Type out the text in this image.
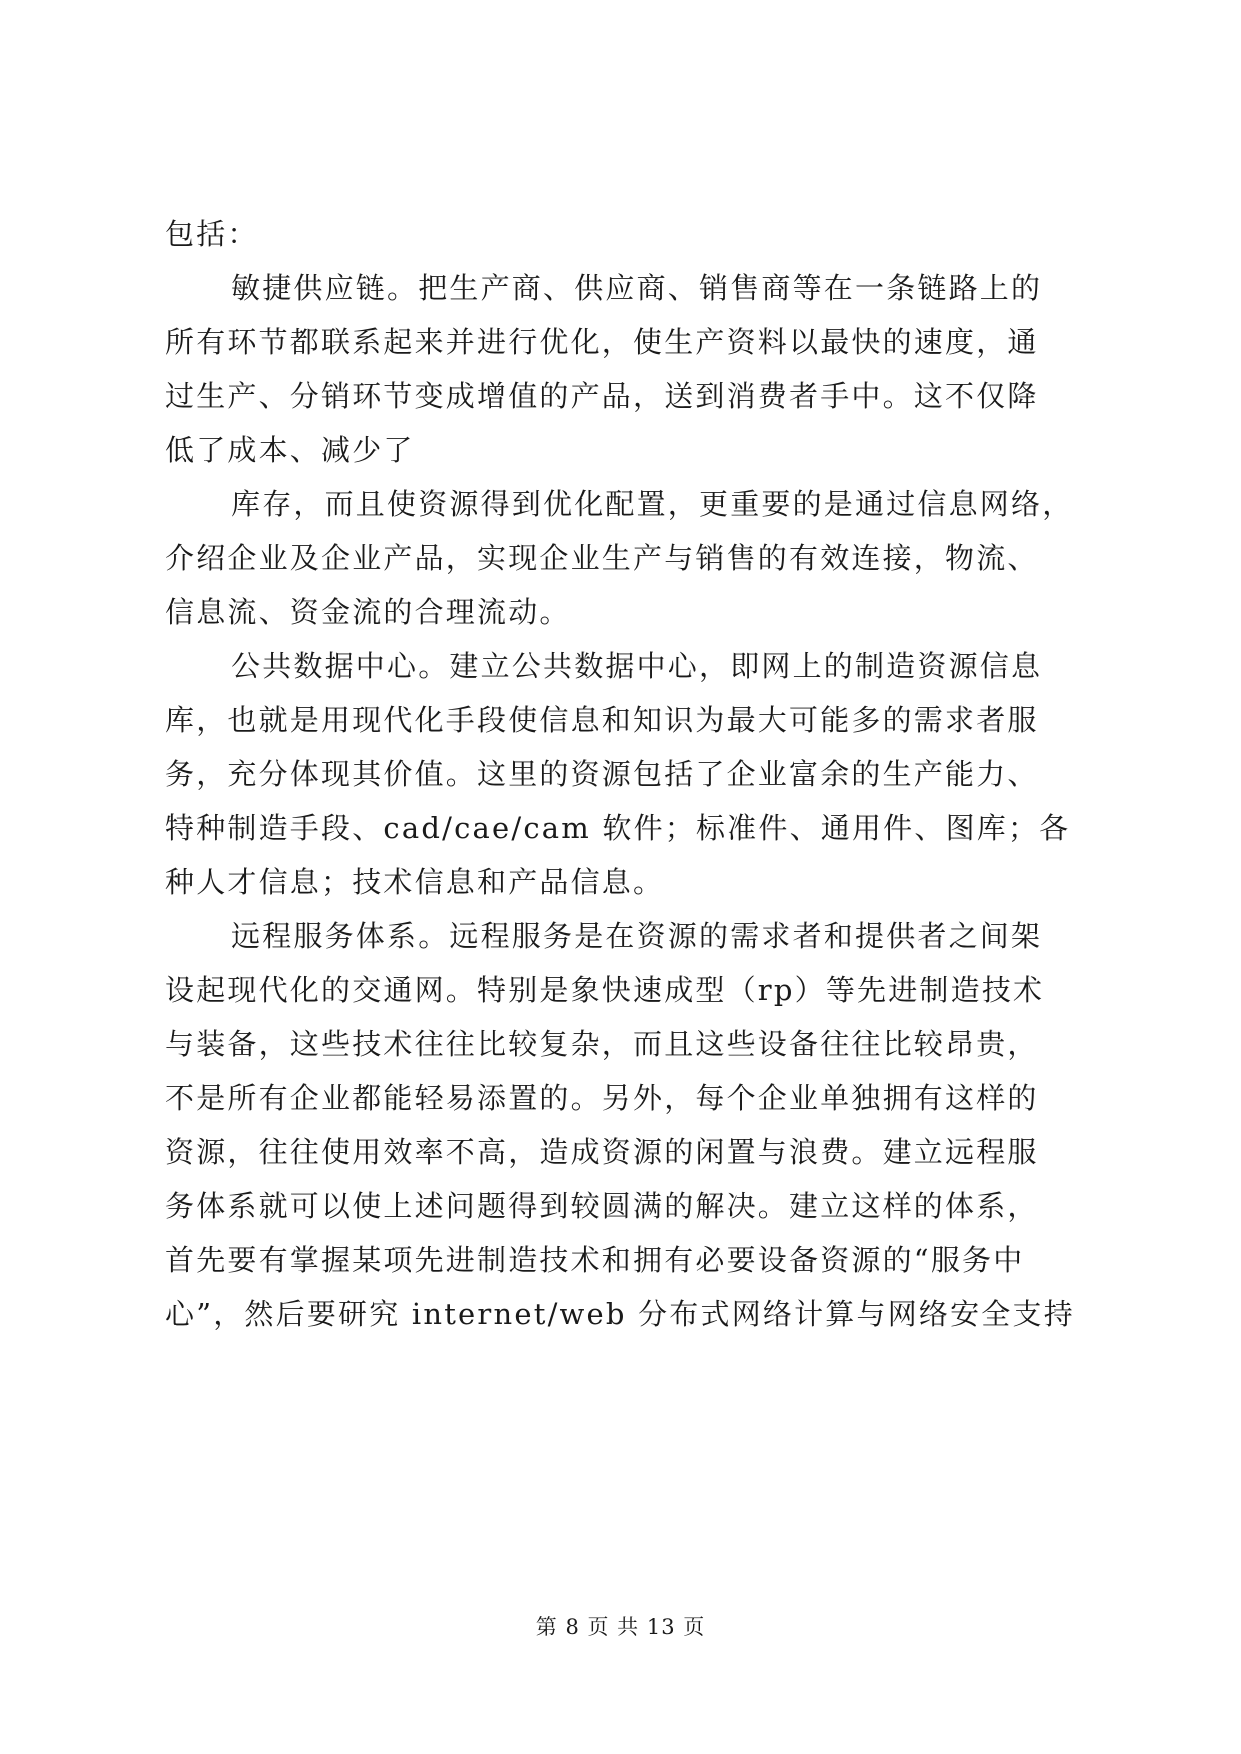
包括：
敏捷供应链。把生产商、供应商、销售商等在一条链路上的
所有环节都联系起来并进行优化，使生产资料以最快的速度，通
过生产、分销环节变成增值的产品，送到消费者手中。这不仅降
低了成本、减少了
库存，而且使资源得到优化配置，更重要的是通过信息网络，
介绍企业及企业产品，实现企业生产与销售的有效连接，物流、
信息流、资金流的合理流动。
公共数据中心。建立公共数据中心，即网上的制造资源信息
库，也就是用现代化手段使信息和知识为最大可能多的需求者服
务，充分体现其价值。这里的资源包括了企业富余的生产能力、
特种制造手段、cad/cae/cam 软件；标准件、通用件、图库；各
种人才信息；技术信息和产品信息。
远程服务体系。远程服务是在资源的需求者和提供者之间架
设起现代化的交通网。特别是象快速成型（rp）等先进制造技术
与装备，这些技术往往比较复杂，而且这些设备往往比较昂贵，
不是所有企业都能轻易添置的。另外，每个企业单独拥有这样的
资源，往往使用效率不高，造成资源的闲置与浪费。建立远程服
务体系就可以使上述问题得到较圆满的解决。建立这样的体系，
首先要有掌握某项先进制造技术和拥有必要设备资源的“服务中
心”，然后要研究 internet/web 分布式网络计算与网络安全支持
第 8 页 共 13 页
